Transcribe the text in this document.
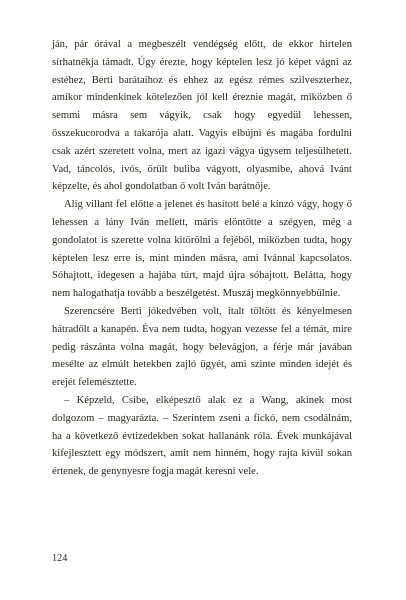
ján, pár órával a megbeszélt vendégség előtt, de ekkor hirtelen sírhatnékja támadt. Úgy érezte, hogy képtelen lesz jó képet vágni az estéhez, Berti barátaihoz és ehhez az egész rémes szilveszterhez, amikor mindenkinek kötelezően jól kell éreznie magát, miközben ő semmi másra sem vágyik, csak hogy egyedül lehessen, összekucorodva a takarója alatt. Vagyis elbújni és magába fordulni csak azért szeretett volna, mert az igazi vágya úgysem teljesülhetett. Vad, táncolós, ivós, őrült buliba vágyott, olyasmibe, ahová Ivánt képzelte, és ahol gondolatban ő volt Iván barátnője.

Alig villant fel előtte a jelenet és hasított belé a kínzó vágy, hogy ő lehessen a lány Iván mellett, máris elöntötte a szégyen, még a gondolatot is szerette volna kitörölni a fejéből, miközben tudta, hogy képtelen lesz erre is, mint minden másra, ami Ivánnal kapcsolatos. Sóhajtott, idegesen a hajába túrt, majd újra sóhajtott. Belátta, hogy nem halogathatja tovább a beszélgetést. Muszáj megkönnyebbülnie.

Szerencsére Berti jókedvében volt, italt töltött és kényelmesen hátradőlt a kanapén. Éva nem tudta, hogyan vezesse fel a témát, mire pedig rászánta volna magát, hogy belevágjon, a férje már javában mesélte az elmúlt hetekben zajló ügyét, ami szinte minden idejét és erejét felemésztette.

– Képzeld, Csibe, elképesztő alak ez a Wang, akinek most dolgozom – magyarázta. – Szerintem zseni a fickó, nem csodálnám, ha a következő évtizedekben sokat hallanánk róla. Évek munkájával kifejlesztett egy módszert, amit nem hinném, hogy rajta kívül sokan értenek, de genynyesre fogja magát keresni vele.

124
